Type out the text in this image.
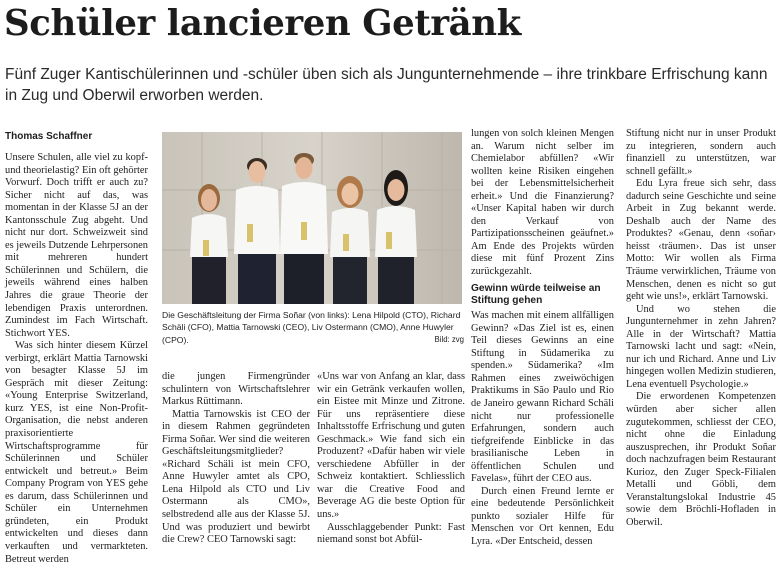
Schüler lancieren Getränk

Fünf Zuger Kantischülerinnen und -schüler üben sich als Jungunternehmende – ihre trinkbare Erfrischung kann in Zug und Oberwil erworben werden.

Thomas Schaffner

Unsere Schulen, alle viel zu kopf- und theorielastig? Ein oft gehörter Vorwurf. Doch trifft er auch zu? Sicher nicht auf das, was momentan in der Klasse 5J an der Kantonsschule Zug abgeht. Und nicht nur dort. Schweizweit sind es jeweils Dutzende Lehrpersonen mit mehreren hundert Schülerinnen und Schülern, die jeweils während eines halben Jahres die graue Theorie der lebendigen Praxis unterordnen. Zumindest im Fach Wirtschaft. Stichwort YES.

Was sich hinter diesem Kürzel verbirgt, erklärt Mattia Tarnowski von besagter Klasse 5J im Gespräch mit dieser Zeitung: «Young Enterprise Switzerland, kurz YES, ist eine Non-Profit-Organisation, die nebst anderen praxisorientierte Wirtschaftsprogramme für Schülerinnen und Schüler entwickelt und betreut.» Beim Company Program von YES gehe es darum, dass Schülerinnen und Schüler ein Unternehmen gründeten, ein Produkt entwickelten und dieses dann verkauften und vermarkteten. Betreut werden

Die Geschäftsleitung der Firma Soñar (von links): Lena Hilpold (CTO), Richard Schäli (CFO), Mattia Tarnowski (CEO), Liv Ostermann (CMO), Anne Huwyler (CPO).	Bild: zvg

die jungen Firmengründer schulintern von Wirtschaftslehrer Markus Rüttimann.

Mattia Tarnowskis ist CEO der in diesem Rahmen gegründeten Firma Soñar. Wer sind die weiteren Geschäftsleitungsmitglieder? «Richard Schäli ist mein CFO, Anne Huwyler amtet als CPO, Lena Hilpold als CTO und Liv Ostermann als CMO», selbstredend alle aus der Klasse 5J. Und was produziert und bewirbt die Crew? CEO Tarnowski sagt:

«Uns war von Anfang an klar, dass wir ein Getränk verkaufen wollen, ein Eistee mit Minze und Zitrone. Für uns repräsentiere diese Inhaltsstoffe Erfrischung und guten Geschmack.» Wie fand sich ein Produzent? «Dafür haben wir viele verschiedene Abfüller in der Schweiz kontaktiert. Schliesslich war die Creative Food and Beverage AG die beste Option für uns.»

Ausschlaggebender Punkt: Fast niemand sonst bot Abfül-

lungen von solch kleinen Mengen an. Warum nicht selber im Chemielabor abfüllen? «Wir wollten keine Risiken eingehen bei der Lebensmittelsicherheit erheit.» Und die Finanzierung? «Unser Kapital haben wir durch den Verkauf von Partizipationsscheinen geäufnet.» Am Ende des Projekts würden diese mit fünf Prozent Zins zurückgezahlt.

Gewinn würde teilweise an Stiftung gehen

Was machen mit einem allfälligen Gewinn? «Das Ziel ist es, einen Teil dieses Gewinns an eine Stiftung in Südamerika zu spenden.» Südamerika? «Im Rahmen eines zweiwöchigen Praktikums in São Paulo und Rio de Janeiro gewann Richard Schäli nicht nur professionelle Erfahrungen, sondern auch tiefgreifende Einblicke in das brasilianische Leben in öffentlichen Schulen und Favelas», führt der CEO aus.

Durch einen Freund lernte er eine bedeutende Persönlichkeit punkto sozialer Hilfe für Menschen vor Ort kennen, Edu Lyra. «Der Entscheid, dessen

Stiftung nicht nur in unser Produkt zu integrieren, sondern auch finanziell zu unterstützen, war schnell gefällt.»

Edu Lyra freue sich sehr, dass dadurch seine Geschichte und seine Arbeit in Zug bekannt werde. Deshalb auch der Name des Produktes? «Genau, denn ‹soñar› heisst ‹träumen›. Das ist unser Motto: Wir wollen als Firma Träume verwirklichen, Träume von Menschen, denen es nicht so gut geht wie uns!», erklärt Tarnowski.

Und wo stehen die Jungunternehmer in zehn Jahren? Alle in der Wirtschaft? Mattia Tarnowski lacht und sagt: «Nein, nur ich und Richard. Anne und Liv hingegen wollen Medizin studieren, Lena eventuell Psychologie.»

Die erwordenen Kompetenzen würden aber sicher allen zugutekommen, schliesst der CEO, nicht ohne die Einladung auszusprechen, ihr Produkt Soñar doch nachzufragen beim Restaurant Kurioz, den Zuger Speck-Filialen Metalli und Göbli, dem Veranstaltungslokal Industrie 45 sowie dem Bröchli-Hofladen in Oberwil.
